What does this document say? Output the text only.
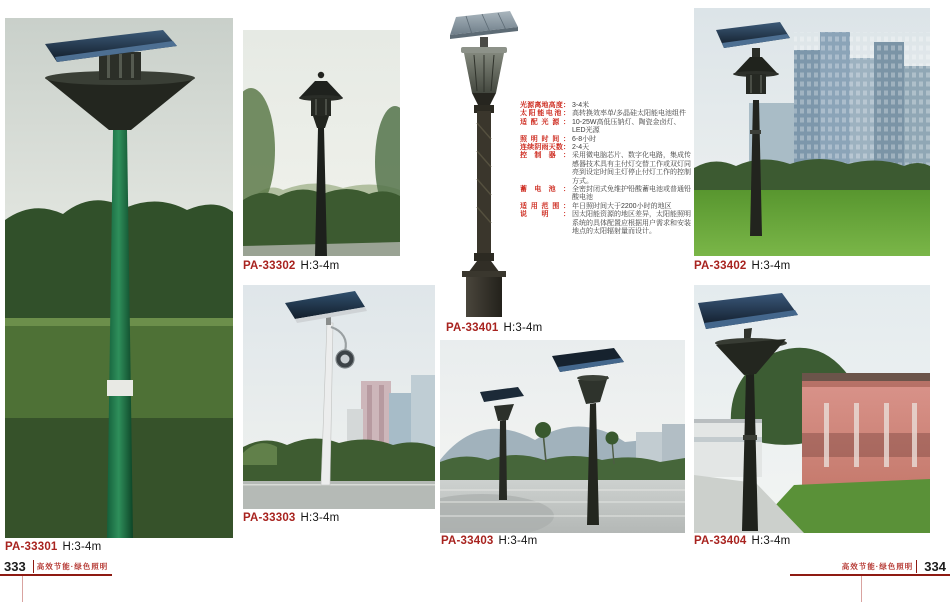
光源离地高度： 3-4米
太阳能电池： 高转换效率单/多晶硅太阳能电池组件
适配光源： 10-25W高低压钠灯、陶瓷金卤灯、LED光源
照明时间： 6-8小时
连续阴雨天数： 2-4天
控制器： 采用微电脑芯片、数字化电路，集成传感器技术具有主付灯交替工作或双灯同亮到设定时间主灯停止付灯工作的控制方式。
蓄电池： 全密封闭式免维护铅酸蓄电池或普通铅酸电池
适用范围： 年日照时间大于2200小时的地区
说明： 因太阳能资源的地区差异，太阳能照明系统的具体配置应根据用户需求和安装地点的太阳辐射量而设计。
PA-33301 H:3-4m
PA-33302 H:3-4m
PA-33303 H:3-4m
PA-33401 H:3-4m
PA-33402 H:3-4m
PA-33403 H:3-4m	PA-33404 H:3-4m
333	高效节能·绿色照明	高效节能·绿色照明 334
